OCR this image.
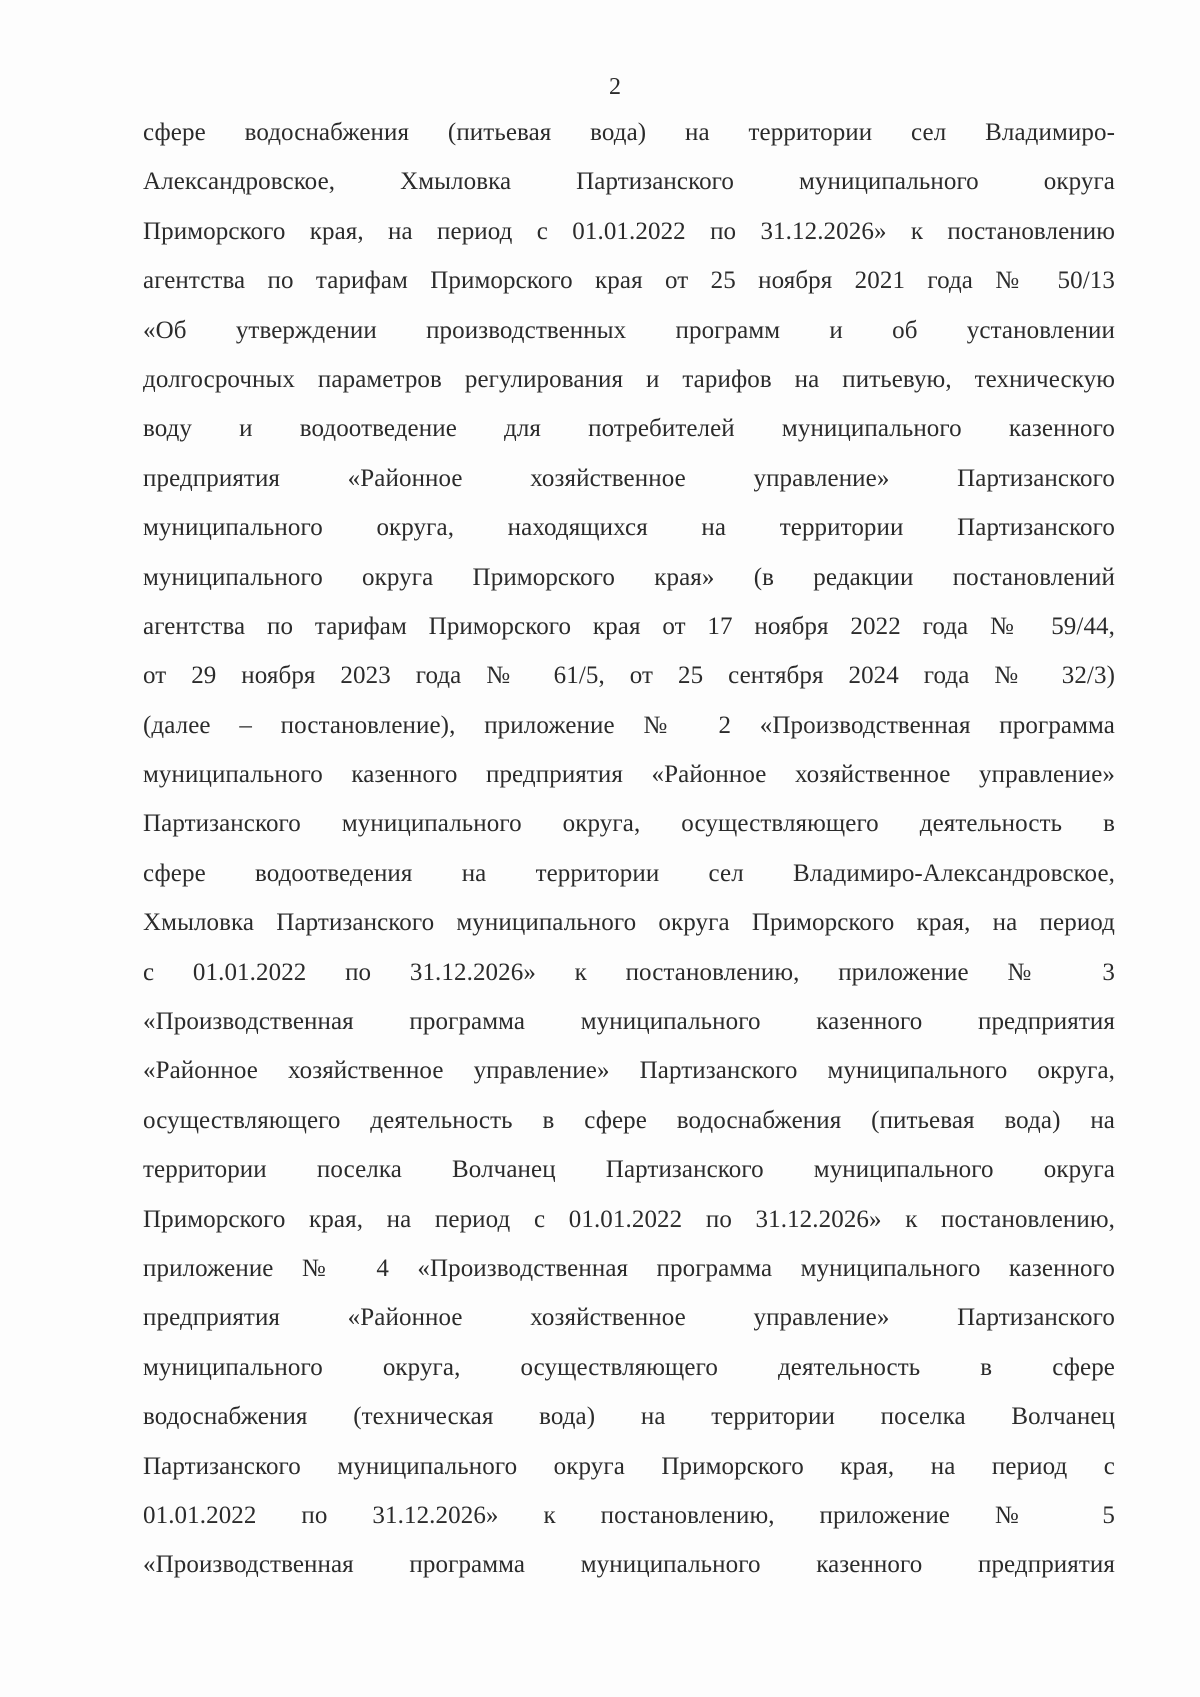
2
сфере водоснабжения (питьевая вода) на территории сел Владимиро-
Александровское, Хмыловка Партизанского муниципального округа
Приморского края, на период с 01.01.2022 по 31.12.2026» к постановлению
агентства по тарифам Приморского края от 25 ноября 2021 года № 50/13
«Об утверждении производственных программ и об установлении
долгосрочных параметров регулирования и тарифов на питьевую, техническую
воду и водоотведение для потребителей муниципального казенного
предприятия «Районное хозяйственное управление» Партизанского
муниципального округа, находящихся на территории Партизанского
муниципального округа Приморского края» (в редакции постановлений
агентства по тарифам Приморского края от 17 ноября 2022 года № 59/44,
от 29 ноября 2023 года № 61/5, от 25 сентября 2024 года № 32/3)
(далее – постановление), приложение № 2 «Производственная программа
муниципального казенного предприятия «Районное хозяйственное управление»
Партизанского муниципального округа, осуществляющего деятельность в
сфере водоотведения на территории сел Владимиро-Александровское,
Хмыловка Партизанского муниципального округа Приморского края, на период
с 01.01.2022 по 31.12.2026» к постановлению, приложение № 3
«Производственная программа муниципального казенного предприятия
«Районное хозяйственное управление» Партизанского муниципального округа,
осуществляющего деятельность в сфере водоснабжения (питьевая вода) на
территории поселка Волчанец Партизанского муниципального округа
Приморского края, на период с 01.01.2022 по 31.12.2026» к постановлению,
приложение № 4 «Производственная программа муниципального казенного
предприятия «Районное хозяйственное управление» Партизанского
муниципального округа, осуществляющего деятельность в сфере
водоснабжения (техническая вода) на территории поселка Волчанец
Партизанского муниципального округа Приморского края, на период с
01.01.2022 по 31.12.2026» к постановлению, приложение № 5
«Производственная программа муниципального казенного предприятия
